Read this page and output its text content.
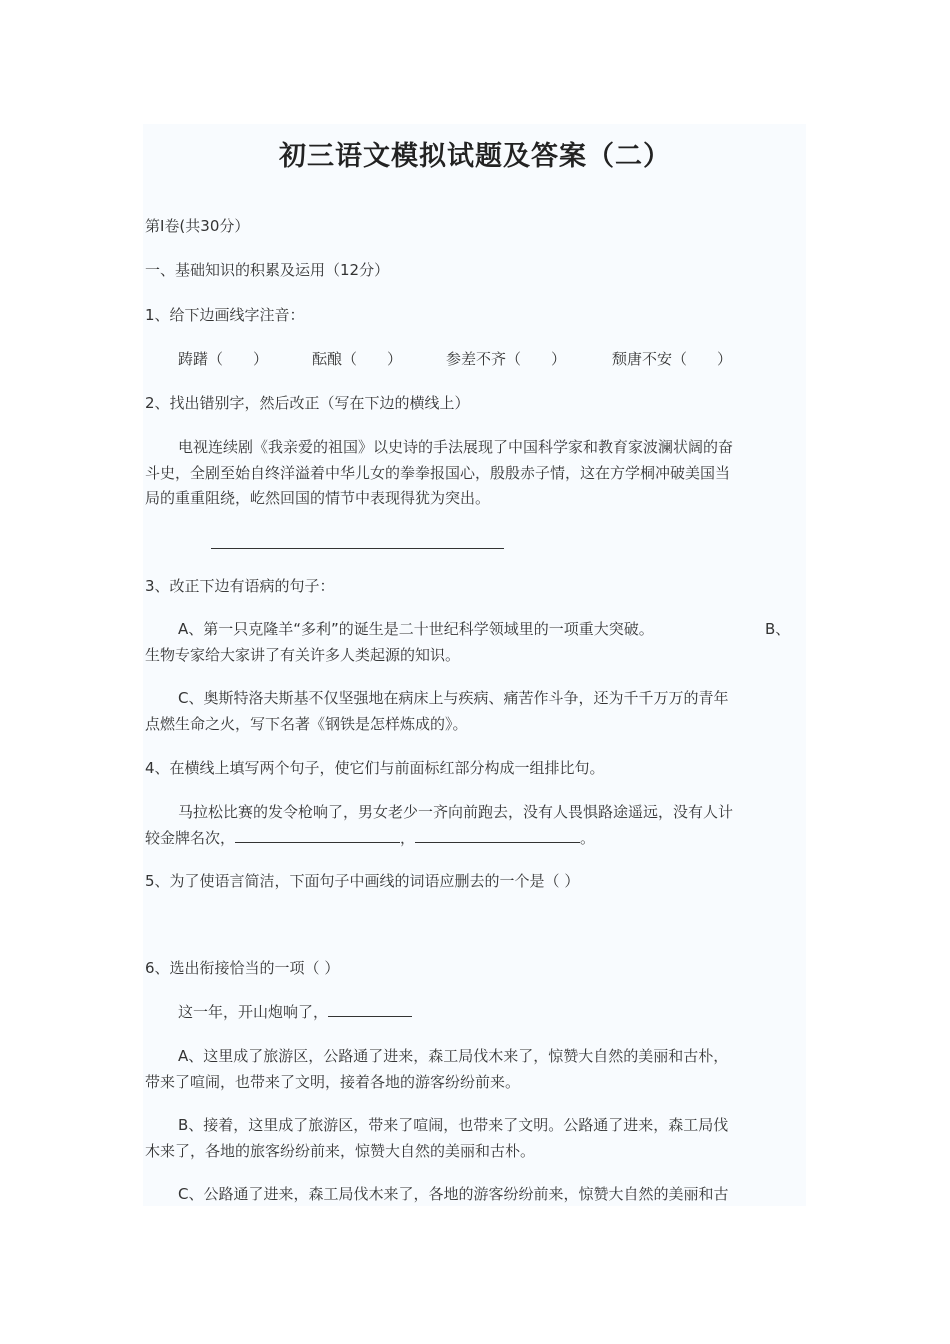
初三语文模拟试题及答案（二）
第Ⅰ卷(共30分）
一、基础知识的积累及运用（12分）
1、给下边画线字注音：
踌躇（　　）	酝酿（　　）	参差不齐（　　）	颓唐不安（　　）
2、找出错别字，然后改正（写在下边的横线上）
电视连续剧《我亲爱的祖国》以史诗的手法展现了中国科学家和教育家波澜状阔的奋
斗史，全剧至始自终洋溢着中华儿女的拳拳报国心，殷殷赤子情，这在方学桐冲破美国当
局的重重阻绕，屹然回国的情节中表现得犹为突出。
3、改正下边有语病的句子：
A、第一只克隆羊“多利”的诞生是二十世纪科学领域里的一项重大突破。	B、
生物专家给大家讲了有关许多人类起源的知识。
C、奥斯特洛夫斯基不仅坚强地在病床上与疾病、痛苦作斗争，还为千千万万的青年
点燃生命之火，写下名著《钢铁是怎样炼成的》。
4、在横线上填写两个句子，使它们与前面标红部分构成一组排比句。
马拉松比赛的发令枪响了，男女老少一齐向前跑去，没有人畏惧路途遥远，没有人计
较金牌名次，	，	。
5、为了使语言简洁，下面句子中画线的词语应删去的一个是（ ）
6、选出衔接恰当的一项（ ）
这一年，开山炮响了，
A、这里成了旅游区，公路通了进来，森工局伐木来了，惊赞大自然的美丽和古朴，
带来了喧闹，也带来了文明，接着各地的游客纷纷前来。
B、接着，这里成了旅游区，带来了喧闹，也带来了文明。公路通了进来，森工局伐
木来了，各地的旅客纷纷前来，惊赞大自然的美丽和古朴。
C、公路通了进来，森工局伐木来了，各地的游客纷纷前来，惊赞大自然的美丽和古
